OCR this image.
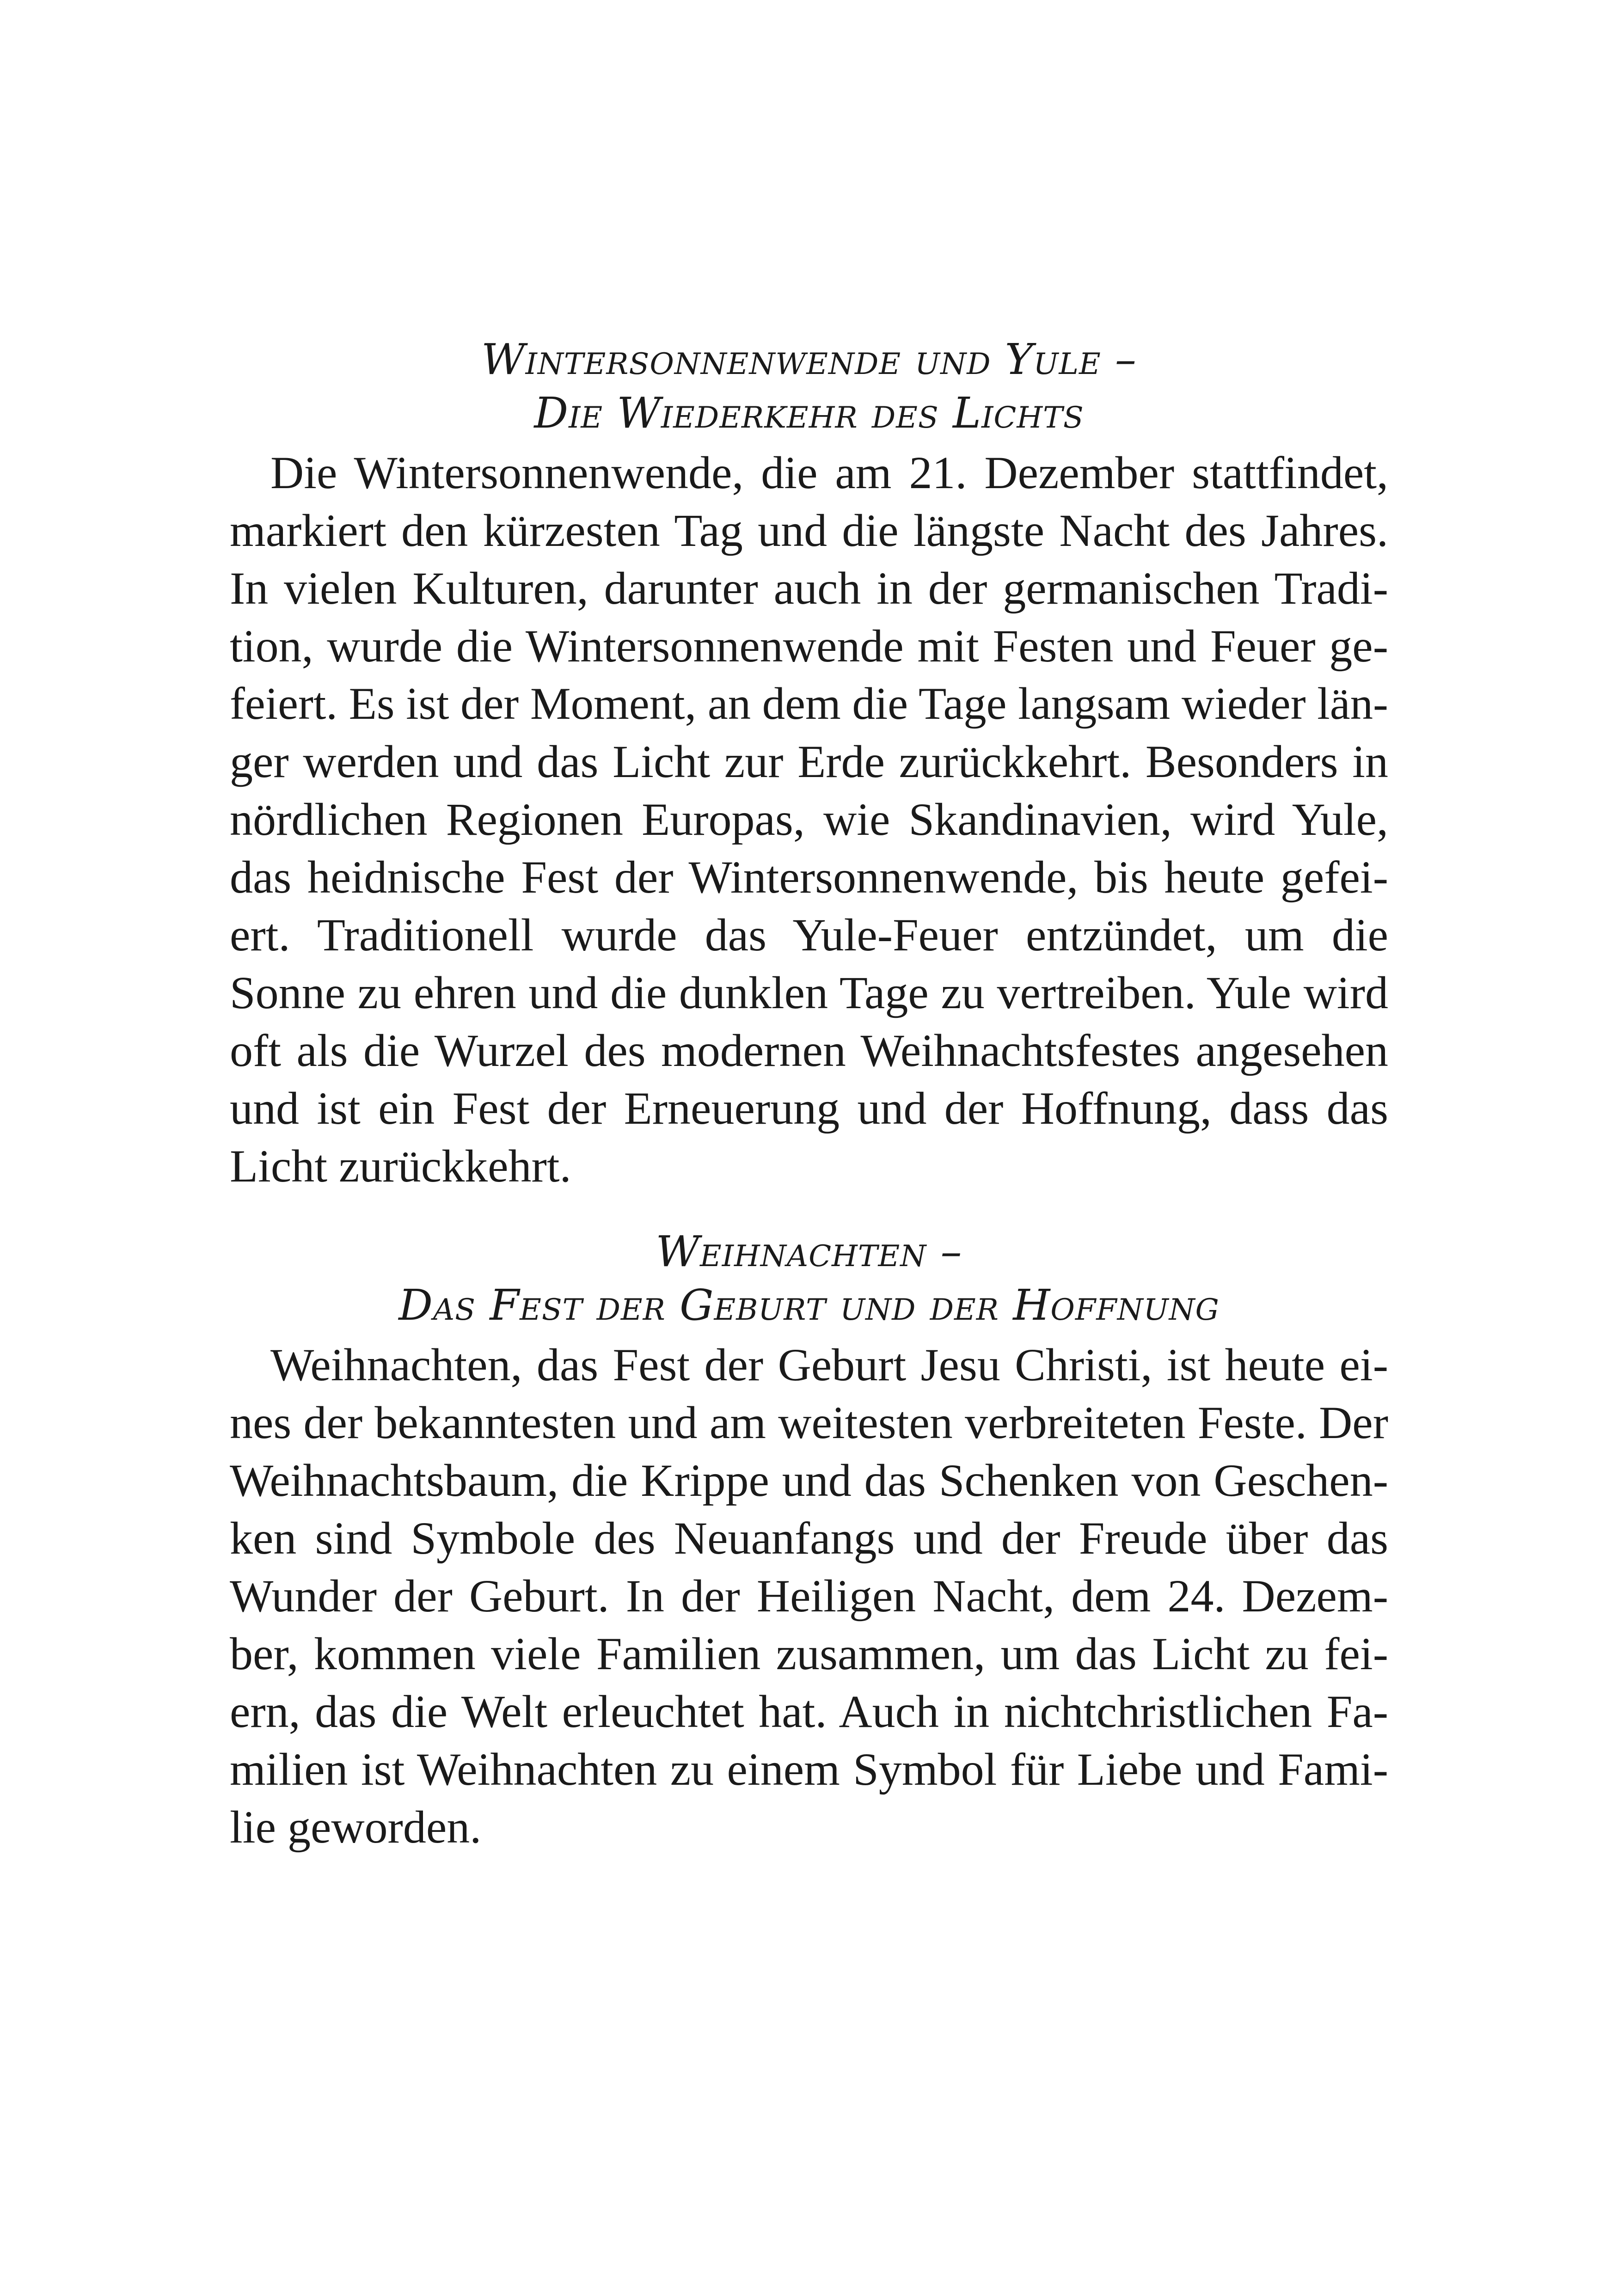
Wintersonnenwende und Yule –
Die Wiederkehr des Lichts
Die Wintersonnenwende, die am 21. Dezember stattfindet,
markiert den kürzesten Tag und die längste Nacht des Jahres.
In vielen Kulturen, darunter auch in der germanischen Tradi-
tion, wurde die Wintersonnenwende mit Festen und Feuer ge-
feiert. Es ist der Moment, an dem die Tage langsam wieder län-
ger werden und das Licht zur Erde zurückkehrt. Besonders in
nördlichen Regionen Europas, wie Skandinavien, wird Yule,
das heidnische Fest der Wintersonnenwende, bis heute gefei-
ert. Traditionell wurde das Yule-Feuer entzündet, um die
Sonne zu ehren und die dunklen Tage zu vertreiben. Yule wird
oft als die Wurzel des modernen Weihnachtsfestes angesehen
und ist ein Fest der Erneuerung und der Hoffnung, dass das
Licht zurückkehrt.
Weihnachten –
Das Fest der Geburt und der Hoffnung
Weihnachten, das Fest der Geburt Jesu Christi, ist heute ei-
nes der bekanntesten und am weitesten verbreiteten Feste. Der
Weihnachtsbaum, die Krippe und das Schenken von Geschen-
ken sind Symbole des Neuanfangs und der Freude über das
Wunder der Geburt. In der Heiligen Nacht, dem 24. Dezem-
ber, kommen viele Familien zusammen, um das Licht zu fei-
ern, das die Welt erleuchtet hat. Auch in nichtchristlichen Fa-
milien ist Weihnachten zu einem Symbol für Liebe und Fami-
lie geworden.
